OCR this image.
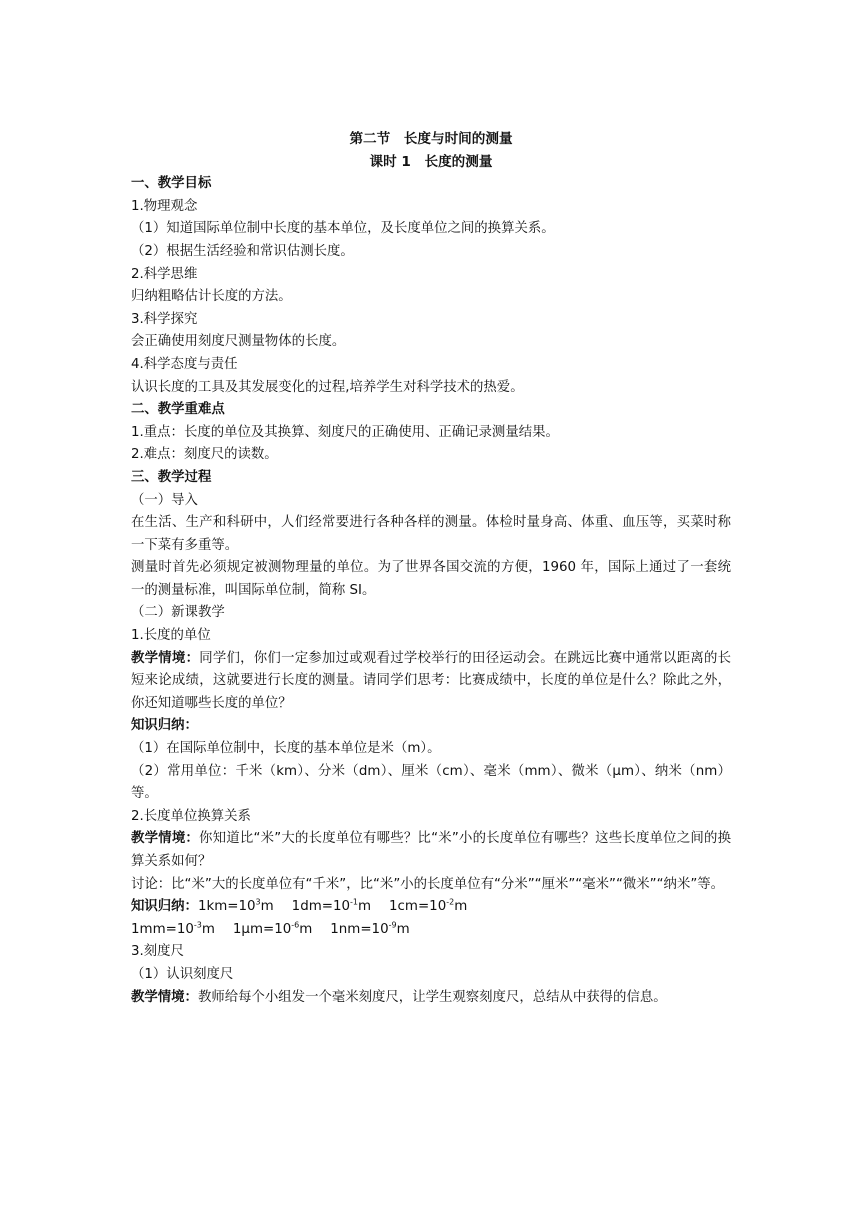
第二节　长度与时间的测量
课时 1　长度的测量
一、教学目标
1.物理观念
（1）知道国际单位制中长度的基本单位，及长度单位之间的换算关系。
（2）根据生活经验和常识估测长度。
2.科学思维
归纳粗略估计长度的方法。
3.科学探究
会正确使用刻度尺测量物体的长度。
4.科学态度与责任
认识长度的工具及其发展变化的过程,培养学生对科学技术的热爱。
二、教学重难点
1.重点：长度的单位及其换算、刻度尺的正确使用、正确记录测量结果。
2.难点：刻度尺的读数。
三、教学过程
（一）导入
在生活、生产和科研中，人们经常要进行各种各样的测量。体检时量身高、体重、血压等，买菜时称一下菜有多重等。
测量时首先必须规定被测物理量的单位。为了世界各国交流的方便，1960 年，国际上通过了一套统一的测量标准，叫国际单位制，简称 SI。
（二）新课教学
1.长度的单位
教学情境：同学们，你们一定参加过或观看过学校举行的田径运动会。在跳远比赛中通常以距离的长短来论成绩，这就要进行长度的测量。请同学们思考：比赛成绩中，长度的单位是什么？除此之外，你还知道哪些长度的单位？
知识归纳：
（1）在国际单位制中，长度的基本单位是米（m）。
（2）常用单位：千米（km）、分米（dm）、厘米（cm）、毫米（mm）、微米（μm）、纳米（nm）等。
2.长度单位换算关系
教学情境：你知道比“米”大的长度单位有哪些？比“米”小的长度单位有哪些？这些长度单位之间的换算关系如何？
讨论：比“米”大的长度单位有“千米”，比“米”小的长度单位有“分米”“厘米”“毫米”“微米”“纳米”等。
知识归纳：$1km=10^3m$ $1dm=10^{-1}m$ $1cm=10^{-2}m$
$1mm=10^{-3}m$ $1\mu m=10^{-6}m$ $1nm=10^{-9}m$
3.刻度尺
（1）认识刻度尺
教学情境：教师给每个小组发一个毫米刻度尺，让学生观察刻度尺，总结从中获得的信息。
